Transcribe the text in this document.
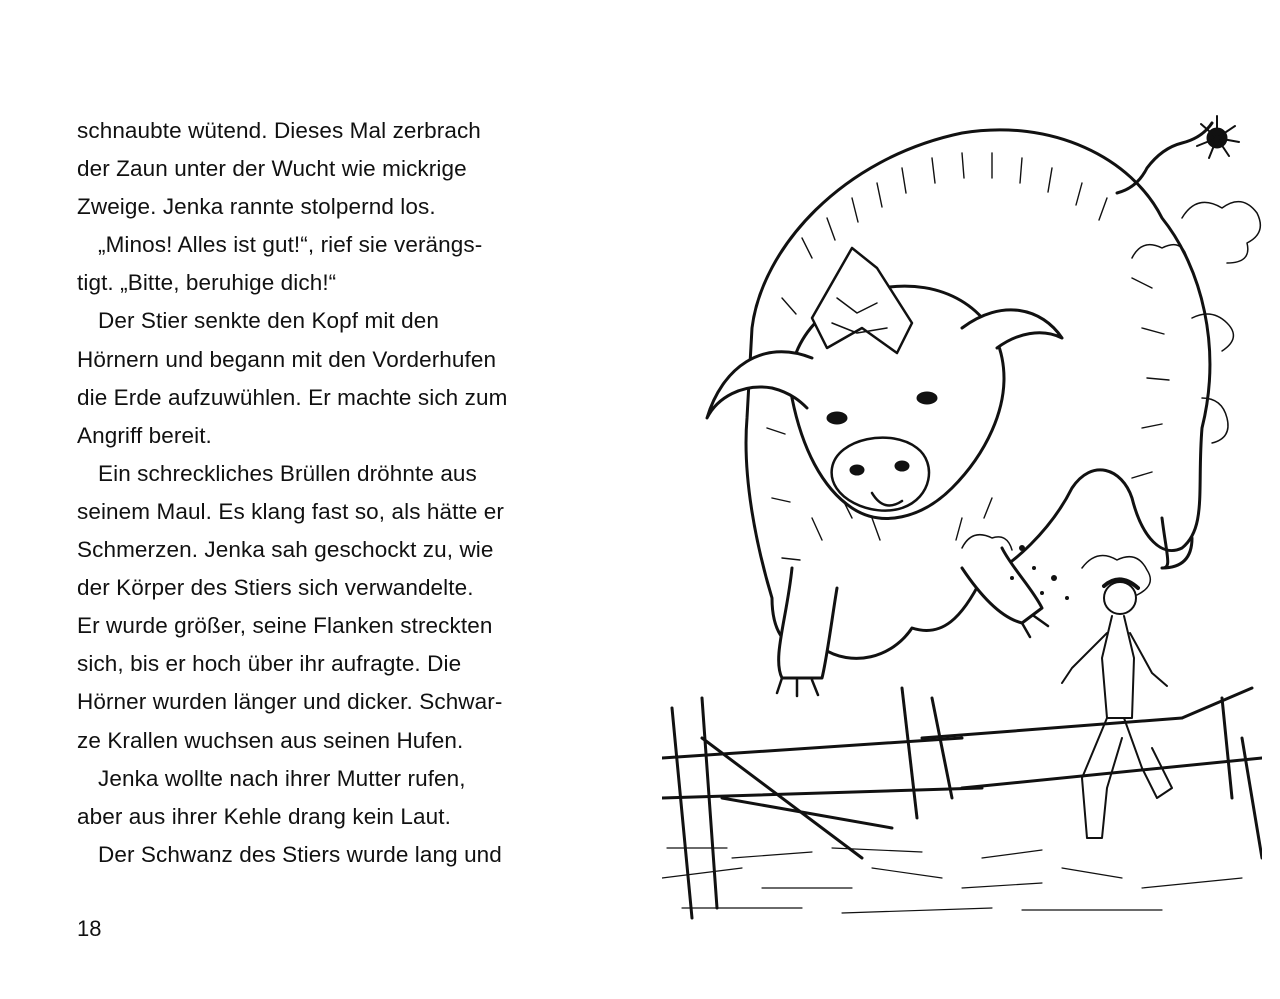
schnaubte wütend. Dieses Mal zerbrach
der Zaun unter der Wucht wie mickrige
Zweige. Jenka rannte stolpernd los.
„Minos! Alles ist gut!“, rief sie verängs-
tigt. „Bitte, beruhige dich!“
Der Stier senkte den Kopf mit den
Hörnern und begann mit den Vorderhufen
die Erde aufzuwühlen. Er machte sich zum
Angriff bereit.
Ein schreckliches Brüllen dröhnte aus
seinem Maul. Es klang fast so, als hätte er
Schmerzen. Jenka sah geschockt zu, wie
der Körper des Stiers sich verwandelte.
Er wurde größer, seine Flanken streckten
sich, bis er hoch über ihr aufragte. Die
Hörner wurden länger und dicker. Schwar-
ze Krallen wuchsen aus seinen Hufen.
Jenka wollte nach ihrer Mutter rufen,
aber aus ihrer Kehle drang kein Laut.
Der Schwanz des Stiers wurde lang und
18
